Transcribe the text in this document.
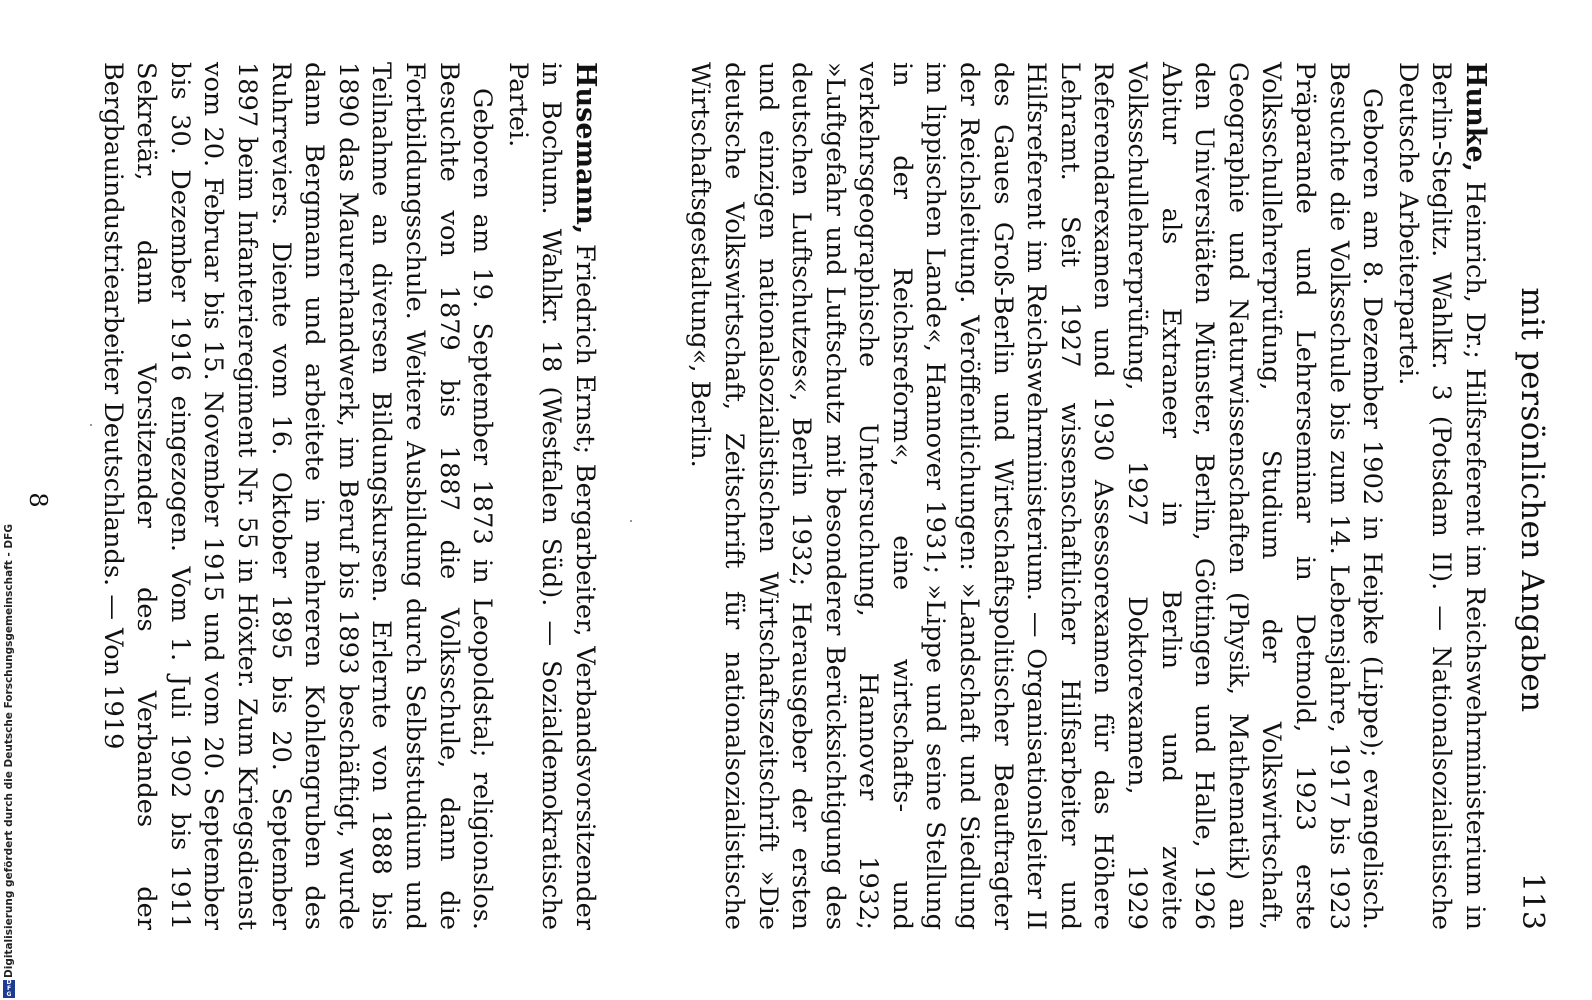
mit persönlichen Angaben
113

Hunke, Heinrich, Dr.; Hilfsreferent im Reichswehrministerium in Berlin-Steglitz. Wahlkr. 3 (Potsdam II). — Nationalsozialistische Deutsche Arbeiterpartei.

Geboren am 8. Dezember 1902 in Heipke (Lippe); evangelisch. Besuchte die Volksschule bis zum 14. Lebensjahre, 1917 bis 1923 Präparande und Lehrerseminar in Detmold, 1923 erste Volksschullehrerprüfung, Studium der Volkswirtschaft, Geographie und Naturwissenschaften (Physik, Mathematik) an den Universitäten Münster, Berlin, Göttingen und Halle, 1926 Abitur als Extraneer in Berlin und zweite Volksschullehrerprüfung, 1927 Doktorexamen, 1929 Referendarexamen und 1930 Assessorexamen für das Höhere Lehramt. Seit 1927 wissenschaftlicher Hilfsarbeiter und Hilfsreferent im Reichswehrministerium. — Organisationsleiter II des Gaues Groß-Berlin und Wirtschaftspolitischer Beauftragter der Reichsleitung. Veröffentlichungen: »Landschaft und Siedlung im lippischen Lande«, Hannover 1931; »Lippe und seine Stellung in der Reichsreform«, eine wirtschafts- und verkehrsgeographische Untersuchung, Hannover 1932; »Luftgefahr und Luftschutz mit besonderer Berücksichtigung des deutschen Luftschutzes«, Berlin 1932; Herausgeber der ersten und einzigen nationalsozialistischen Wirtschaftszeitschrift »Die deutsche Volkswirtschaft, Zeitschrift für nationalsozialistische Wirtschaftsgestaltung«, Berlin.

Husemann, Friedrich Ernst; Bergarbeiter, Verbandsvorsitzender in Bochum. Wahlkr. 18 (Westfalen Süd). — Sozialdemokratische Partei.

Geboren am 19. September 1873 in Leopoldstal; religionslos. Besuchte von 1879 bis 1887 die Volksschule, dann die Fortbildungsschule. Weitere Ausbildung durch Selbststudium und Teilnahme an diversen Bildungskursen. Erlernte von 1888 bis 1890 das Maurerhandwerk, im Beruf bis 1893 beschäftigt, wurde dann Bergmann und arbeitete in mehreren Kohlengruben des Ruhrreviers. Diente vom 16. Oktober 1895 bis 20. September 1897 beim Infanterieregiment Nr. 55 in Höxter. Zum Kriegsdienst vom 20. Februar bis 15. November 1915 und vom 20. September bis 30. Dezember 1916 eingezogen. Vom 1. Juli 1902 bis 1911 Sekretär, dann Vorsitzender des Verbandes der Bergbauindustriearbeiter Deutschlands. — Von 1919

8
Digitalisierung gefördert durch die Deutsche Forschungsgemeinschaft - DFG
D
F
G
